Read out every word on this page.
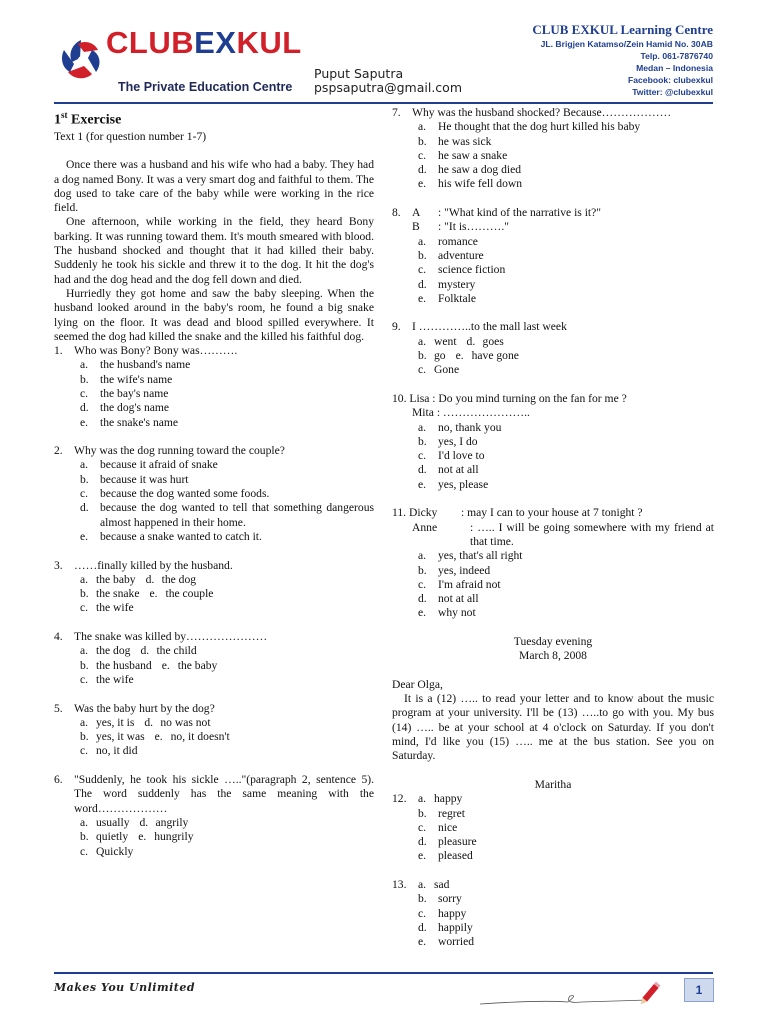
CLUBEXKUL
The Private Education Centre
Puput Saputra
pspsaputra@gmail.com
CLUB EXKUL Learning Centre
JL. Brigjen Katamso/Zein Hamid No. 30AB
Telp. 061-7876740
Medan – Indonesia
Facebook: clubexkul
Twitter: @clubexkul
1st Exercise
Text 1 (for question number 1-7)

Once there was a husband and his wife who had a baby. They had a dog named Bony. It was a very smart dog and faithful to them. The dog used to take care of the baby while were working in the rice field.

One afternoon, while working in the field, they heard Bony barking. It was running toward them. It's mouth smeared with blood. The husband shocked and thought that it had killed their baby. Suddenly he took his sickle and threw it to the dog. It hit the dog's had and the dog head and the dog fell down and died.

Hurriedly they got home and saw the baby sleeping. When the husband looked around in the baby's room, he found a big snake lying on the floor. It was dead and blood spilled everywhere. It seemed the dog had killed the snake and the killed his faithful dog.

1. Who was Bony? Bony was……….
a. the husband's name
b. the wife's name
c. the bay's name
d. the dog's name
e. the snake's name
2. Why was the dog running toward the couple?
a. because it afraid of snake
b. because it was hurt
c. because the dog wanted some foods.
d. because the dog wanted to tell that something dangerous almost happened in their home.
e. because a snake wanted to catch it.
3. ……finally killed by the husband.
a. the baby d. the dog
b. the snake e. the couple
c. the wife
4. The snake was killed by…………………
a. the dog d. the child
b. the husband e. the baby
c. the wife
5. Was the baby hurt by the dog?
a. yes, it is d. no was not
b. yes, it was e. no, it doesn't
c. no, it did
6. "Suddenly, he took his sickle ….."(paragraph 2, sentence 5). The word suddenly has the same meaning with the word………………
a. usually d. angrily
b. quietly e. hungrily
c. Quickly
7. Why was the husband shocked? Because………………
a. He thought that the dog hurt killed his baby
b. he was sick
c. he saw a snake
d. he saw a dog died
e. his wife fell down
8. A : "What kind of the narrative is it?"
B : "It is………."
a. romance
b. adventure
c. science fiction
d. mystery
e. Folktale
9. I …………..to the mall last week
a. went d. goes
b. go e. have gone
c. Gone
10. Lisa : Do you mind turning on the fan for me ?
Mita : …………………..
a. no, thank you
b. yes, I do
c. I'd love to
d. not at all
e. yes, please
11. Dicky : may I can to your house at 7 tonight ?
Anne	: ….. I will be going somewhere with my friend at that time.
a. yes, that's all right
b. yes, indeed
c. I'm afraid not
d. not at all
e. why not
Tuesday evening
March 8, 2008
Dear Olga,

It is a (12) ….. to read your letter and to know about the music program at your university. I'll be (13) …..to go with you. My bus (14) ….. be at your school at 4 o'clock on Saturday. If you don't mind, I'd like you (15) ….. me at the bus station. See you on Saturday.

Maritha
12. a. happy
b. regret
c. nice
d. pleasure
e. pleased
13. a. sad
b. sorry
c. happy
d. happily
e. worried
Makes You Unlimited	1
